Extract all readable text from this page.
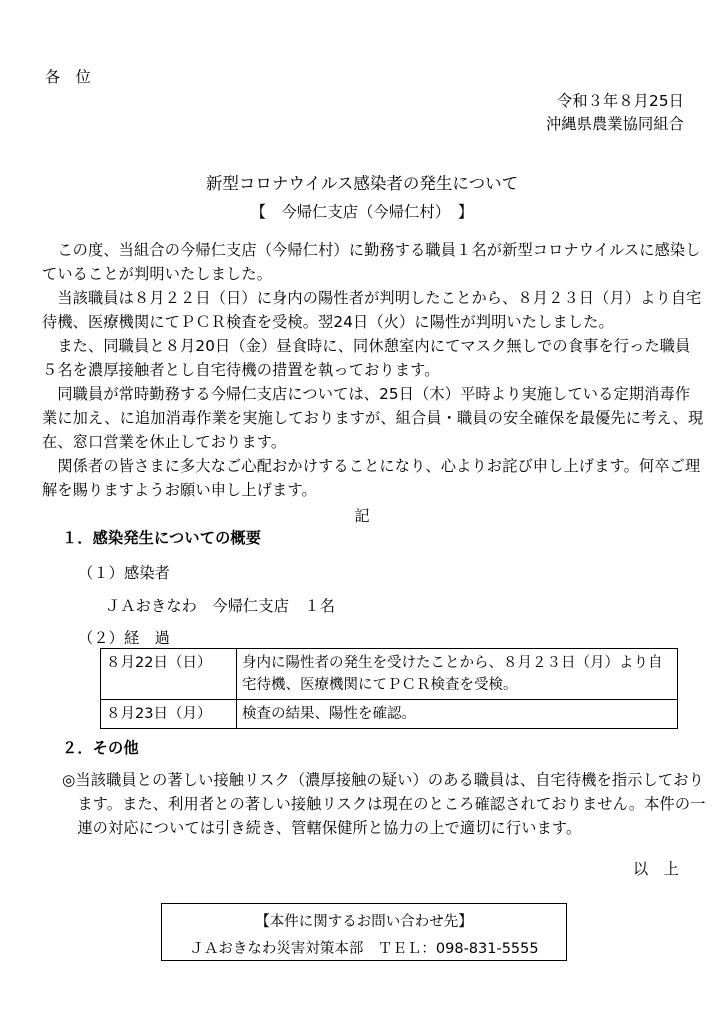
各　位

令和３年８月25日

沖縄県農業協同組合

新型コロナウイルス感染者の発生について

【　今帰仁支店（今帰仁村）　】

　この度、当組合の今帰仁支店（今帰仁村）に勤務する職員１名が新型コロナウイルスに感染し

ていることが判明いたしました。

　当該職員は８月２２日（日）に身内の陽性者が判明したことから、８月２３日（月）より自宅

待機、医療機関にてＰＣＲ検査を受検。翌24日（火）に陽性が判明いたしました。

　また、同職員と８月20日（金）昼食時に、同休憩室内にてマスク無しでの食事を行った職員

５名を濃厚接触者とし自宅待機の措置を執っております。

　同職員が常時勤務する今帰仁支店については、25日（木）平時より実施している定期消毒作

業に加え、に追加消毒作業を実施しておりますが、組合員・職員の安全確保を最優先に考え、現

在、窓口営業を休止しております。

　関係者の皆さまに多大なご心配おかけすることになり、心よりお詫び申し上げます。何卒ご理

解を賜りますようお願い申し上げます。

記

１．感染発生についての概要

（１）感染者

ＪＡおきなわ　今帰仁支店　１名

（２）経　過

８月22日（日）	身内に陽性者の発生を受けたことから、８月２３日（月）より自宅待機、医療機関にてＰＣＲ検査を受検。
８月23日（月）	検査の結果、陽性を確認。

２．その他

◎当該職員との著しい接触リスク（濃厚接触の疑い）のある職員は、自宅待機を指示しており

　ます。また、利用者との著しい接触リスクは現在のところ確認されておりません。本件の一

　連の対応については引き続き、管轄保健所と協力の上で適切に行います。

以　上

【本件に関するお問い合わせ先】
ＪＡおきなわ災害対策本部　ＴＥＬ：098-831-5555
